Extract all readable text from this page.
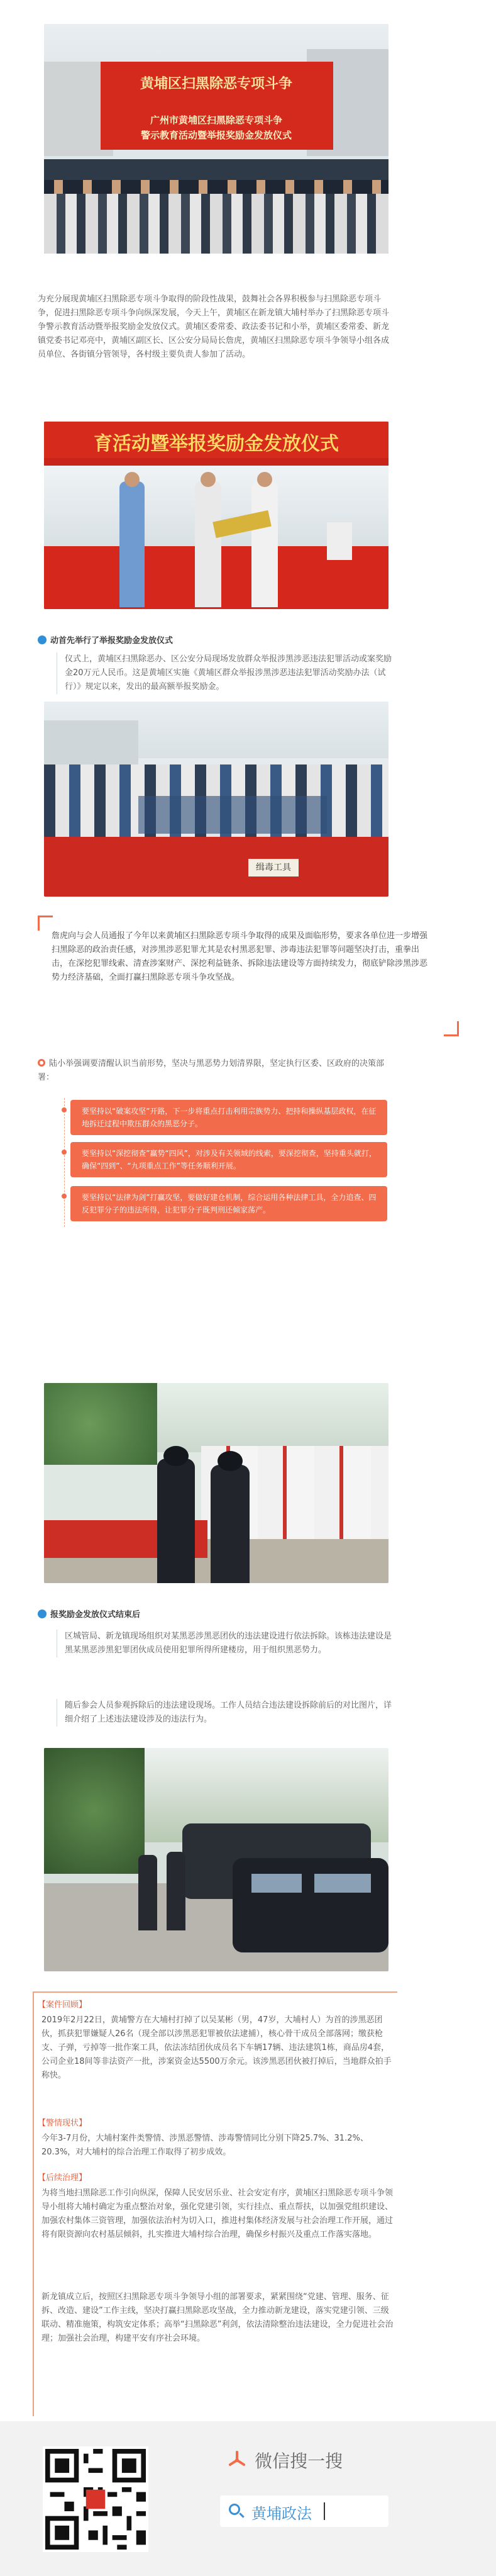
黄埔区扫黑除恶专项斗争
广州市黄埔区扫黑除恶专项斗争
警示教育活动暨举报奖励金发放仪式
为充分展现黄埔区扫黑除恶专项斗争取得的阶段性战果，鼓舞社会各界积极参与扫黑除恶专项斗争，促进扫黑除恶专项斗争向纵深发展，今天上午，黄埔区在新龙镇大埔村举办了扫黑除恶专项斗争警示教育活动暨举报奖励金发放仪式。黄埔区委常委、政法委书记和小举，黄埔区委常委、新龙镇党委书记邓亮中，黄埔区副区长、区公安分局局长詹虎，黄埔区扫黑除恶专项斗争领导小组各成员单位、各街镇分管领导，各村级主要负责人参加了活动。
育活动暨举报奖励金发放仪式
动首先举行了举报奖励金发放仪式
仪式上，黄埔区扫黑除恶办、区公安分局现场发放群众举报涉黑涉恶违法犯罪活动或案奖励金20万元人民币。这是黄埔区实施《黄埔区群众举报涉黑涉恶违法犯罪活动奖励办法（试行）》规定以来，发出的最高额举报奖励金。
缉毒工具
詹虎向与会人员通报了今年以来黄埔区扫黑除恶专项斗争取得的成果及面临形势，要求各单位进一步增强扫黑除恶的政治责任感，对涉黑涉恶犯罪尤其是农村黑恶犯罪、涉毒违法犯罪等问题坚决打击，重拳出击，在深挖犯罪线索、清查涉案财产、深挖利益链条、拆除违法建设等方面持续发力，彻底铲除涉黑涉恶势力经济基础，全面打赢扫黑除恶专项斗争攻坚战。
陆小举强调要清醒认识当前形势，坚决与黑恶势力划清界限，坚定执行区委、区政府的决策部署：
要坚持以“破案攻坚”开路，下一步将重点打击利用宗族势力、把持和操纵基层政权，在征地拆迁过程中欺压群众的黑恶分子。
要坚持以“深挖彻查”赢势“四风”，对涉及有关领域的线索，要深挖彻查，坚持重头就打，确保“四到”、“九项重点工作”等任务顺利开展。
要坚持以“法律为剑”打赢攻坚，要做好建仓机制，综合运用各种法律工具，全力追查、四反犯罪分子的违法所得，让犯罪分子既判刑还倾家荡产。
报奖励金发放仪式结束后
区城管局、新龙镇现场组织对某黑恶涉黑恶团伙的违法建设进行依法拆除。该栋违法建设是黑某黑恶涉黑犯罪团伙成员使用犯罪所得所建楼房，用于组织黑恶势力。
随后参会人员参观拆除后的违法建设现场。工作人员结合违法建设拆除前后的对比图片，详细介绍了上述违法建设涉及的违法行为。
【案件回顾】
2019年2月22日，黄埔警方在大埔村打掉了以吴某彬（男，47岁，大埔村人）为首的涉黑恶团伙，抓获犯罪嫌疑人26名（现全部以涉黑恶犯罪被依法逮捕），核心骨干成员全部落网；缴获枪支、子弹，亏掉等一批作案工具，依法冻结团伙成员名下车辆17辆、违法建筑1栋，商品房4套，公司企业18间等非法资产一批，涉案资金达5500万余元。该涉黑恶团伙被打掉后，当地群众拍手称快。
【警情现状】
今年3-7月份，大埔村案件类警情、涉黑恶警情、涉毒警情同比分别下降25.7%、31.2%、20.3%，对大埔村的综合治理工作取得了初步成效。
【后续治理】
为将当地扫黑除恶工作引向纵深，保障人民安居乐业、社会安定有序，黄埔区扫黑除恶专项斗争领导小组将大埔村确定为重点整治对象，强化党建引领，实行挂点、重点帮扶，以加强党组织建设、加强农村集体三资管理，加强依法治村为切入口，推进村集体经济发展与社会治理工作开展，通过将有限资源向农村基层倾斜，扎实推进大埔村综合治理，确保乡村振兴及重点工作落实落地。
新龙镇成立后，按照区扫黑除恶专项斗争领导小组的部署要求，紧紧围绕“党建、管理、服务、征拆、改造、建设”工作主线，坚决打赢扫黑除恶攻坚战，全力推动新龙建设，落实党建引领、三级联动、精准施策，构筑安定体系；高举“扫黑除恶”利剑，依法清除整治违法建设，全力促进社会治理；加强社会治理，构建平安有序社会环境。
微信搜一搜
黄埔政法
